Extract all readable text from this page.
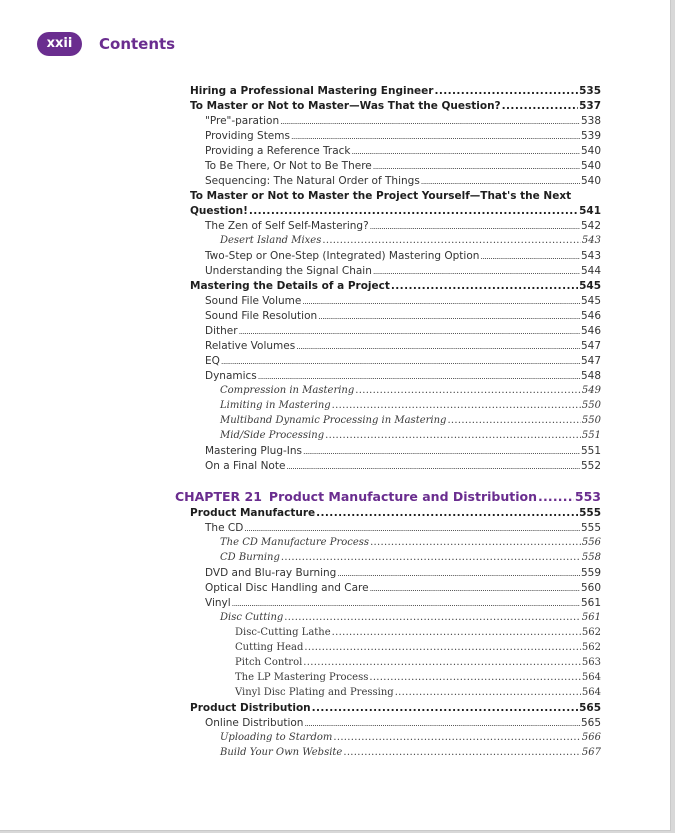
xxii	Contents
Hiring a Professional Mastering Engineer .....	535
To Master or Not to Master—Was That the Question? .....	537
"Pre"-paration .....	538
Providing Stems .....	539
Providing a Reference Track .....	540
To Be There, Or Not to Be There .....	540
Sequencing: The Natural Order of Things .....	540
To Master or Not to Master the Project Yourself—That's the Next
Question! .....	541
The Zen of Self Self-Mastering? .....	542
Desert Island Mixes .....	543
Two-Step or One-Step (Integrated) Mastering Option .....	543
Understanding the Signal Chain .....	544
Mastering the Details of a Project .....	545
Sound File Volume .....	545
Sound File Resolution .....	546
Dither .....	546
Relative Volumes .....	547
EQ .....	547
Dynamics .....	548
Compression in Mastering .....	549
Limiting in Mastering .....	550
Multiband Dynamic Processing in Mastering .....	550
Mid/Side Processing .....	551
Mastering Plug-Ins .....	551
On a Final Note .....	552
CHAPTER 21 Product Manufacture and Distribution .....	553
Product Manufacture .....	555
The CD .....	555
The CD Manufacture Process .....	556
CD Burning .....	558
DVD and Blu-ray Burning .....	559
Optical Disc Handling and Care .....	560
Vinyl .....	561
Disc Cutting .....	561
Disc-Cutting Lathe .....	562
Cutting Head .....	562
Pitch Control .....	563
The LP Mastering Process .....	564
Vinyl Disc Plating and Pressing .....	564
Product Distribution .....	565
Online Distribution .....	565
Uploading to Stardom .....	566
Build Your Own Website .....	567
